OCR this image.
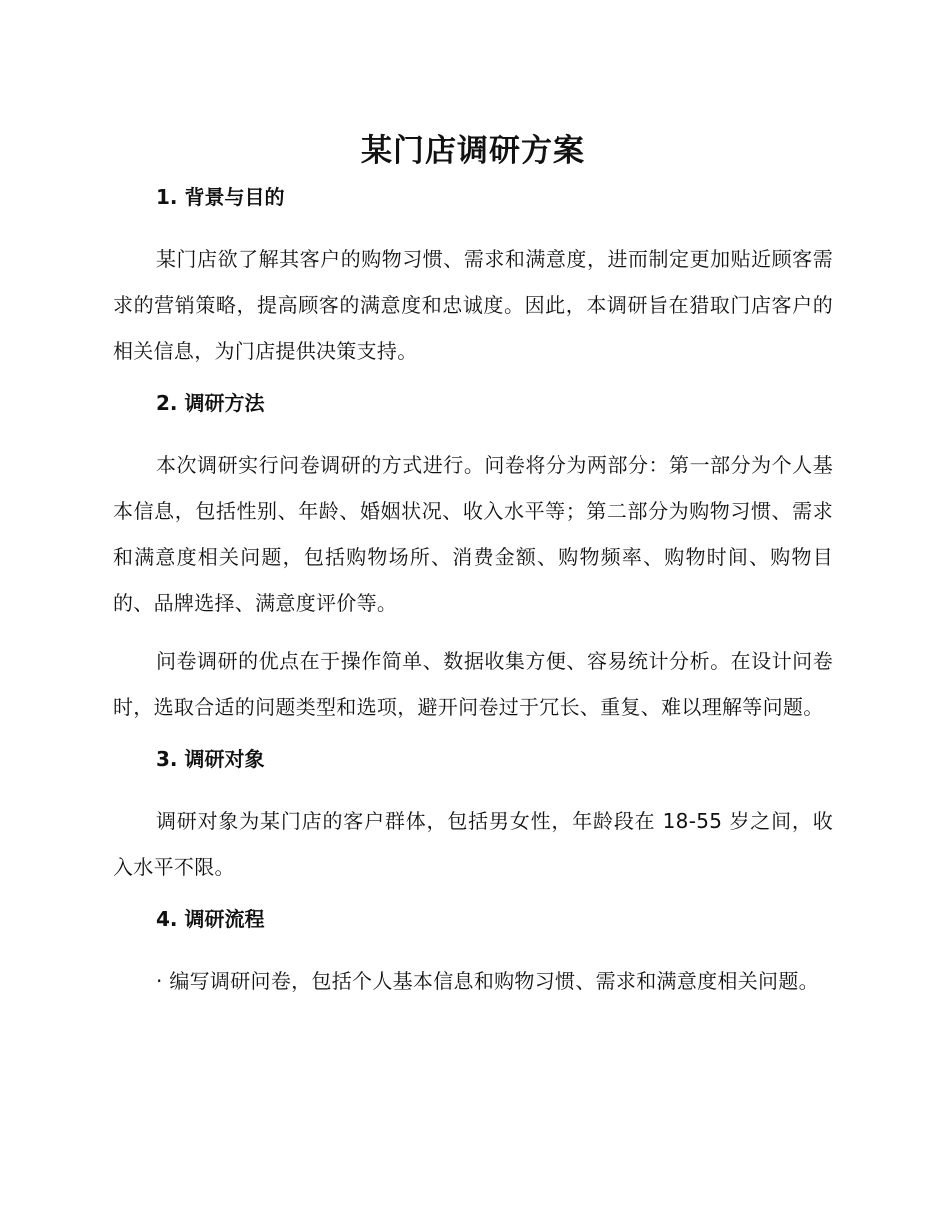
某门店调研方案
1. 背景与目的

某门店欲了解其客户的购物习惯、需求和满意度，进而制定更加贴近顾客需求的营销策略，提高顾客的满意度和忠诚度。因此，本调研旨在猎取门店客户的相关信息，为门店提供决策支持。

2. 调研方法

本次调研实行问卷调研的方式进行。问卷将分为两部分：第一部分为个人基本信息，包括性别、年龄、婚姻状况、收入水平等；第二部分为购物习惯、需求和满意度相关问题，包括购物场所、消费金额、购物频率、购物时间、购物目的、品牌选择、满意度评价等。

问卷调研的优点在于操作简单、数据收集方便、容易统计分析。在设计问卷时，选取合适的问题类型和选项，避开问卷过于冗长、重复、难以理解等问题。

3. 调研对象

调研对象为某门店的客户群体，包括男女性，年龄段在 18-55 岁之间，收入水平不限。

4. 调研流程

· 编写调研问卷，包括个人基本信息和购物习惯、需求和满意度相关问题。
